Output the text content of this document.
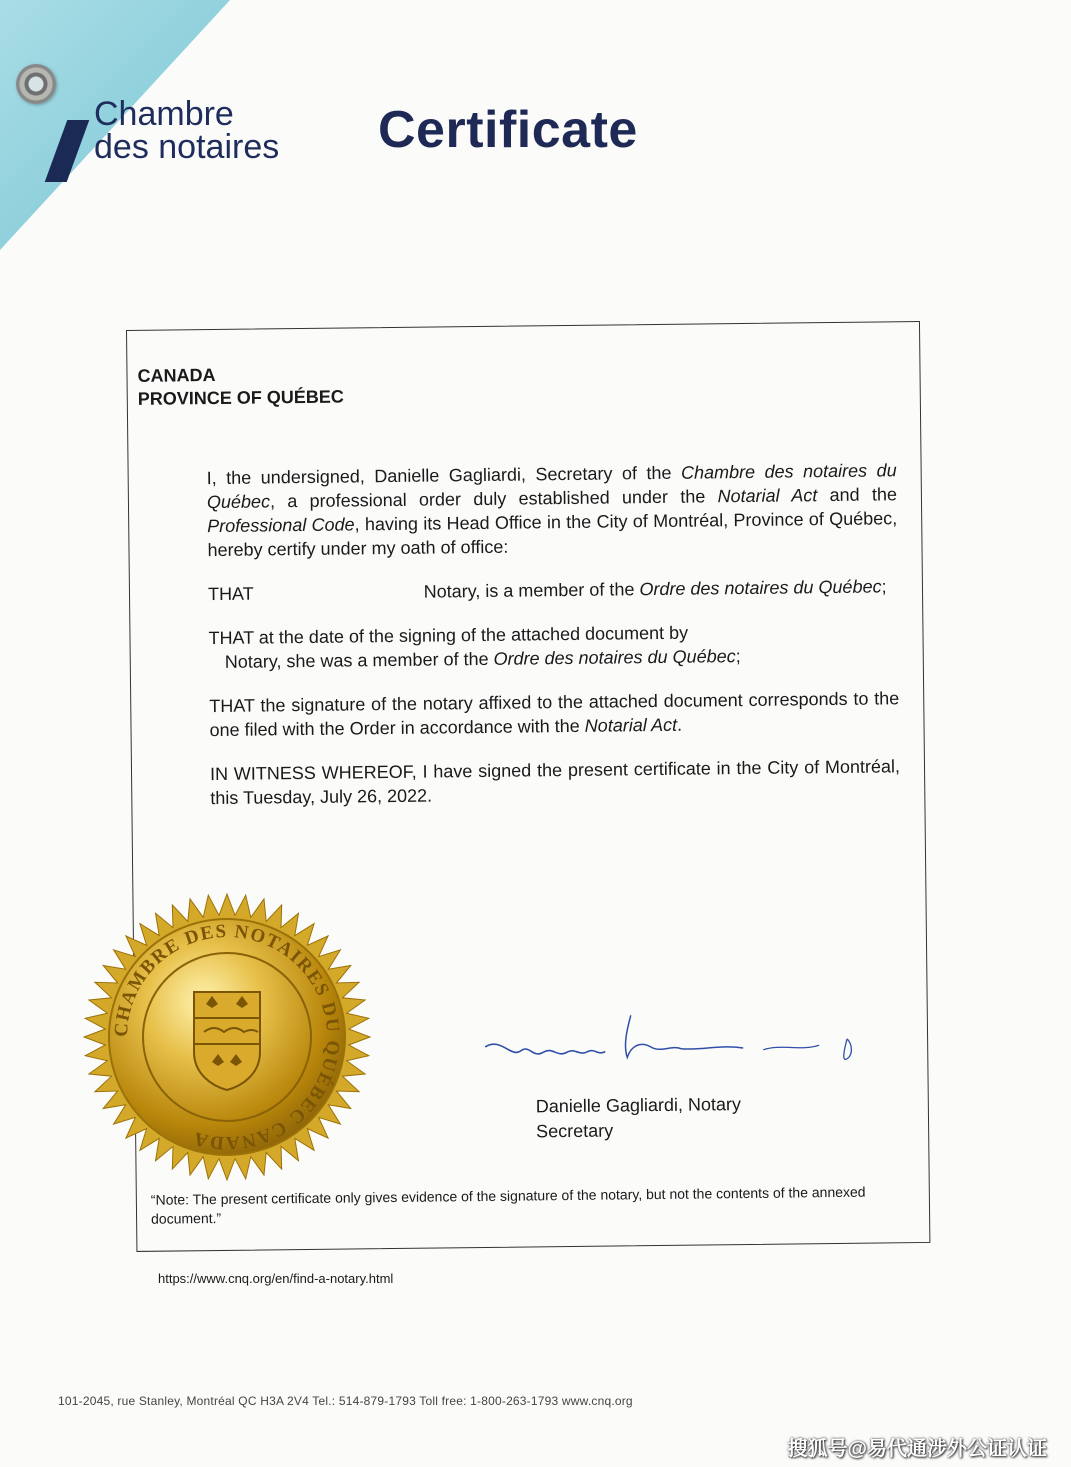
Chambre
des notaires Certificate
CANADA
PROVINCE OF QUÉBEC

I, the undersigned, Danielle Gagliardi, Secretary of the Chambre des notaires du Québec, a professional order duly established under the Notarial Act and the Professional Code, having its Head Office in the City of Montréal, Province of Québec, hereby certify under my oath of office:

THAT	Notary, is a member of the Ordre des notaires du Québec;

THAT at the date of the signing of the attached document by
Notary, she was a member of the Ordre des notaires du Québec;

THAT the signature of the notary affixed to the attached document corresponds to the one filed with the Order in accordance with the Notarial Act.

IN WITNESS WHEREOF, I have signed the present certificate in the City of Montréal, this Tuesday, July 26, 2022.

Danielle Gagliardi, Notary
Secretary
“Note: The present certificate only gives evidence of the signature of the notary, but not the contents of the annexed document.”
CHAMBRE DES NOTAIRES DU QUÉBEC CANADA
https://www.cnq.org/en/find-a-notary.html
101-2045, rue Stanley, Montréal QC H3A 2V4 Tel.: 514-879-1793 Toll free: 1-800-263-1793 www.cnq.org
搜狐号@易代通涉外公证认证
